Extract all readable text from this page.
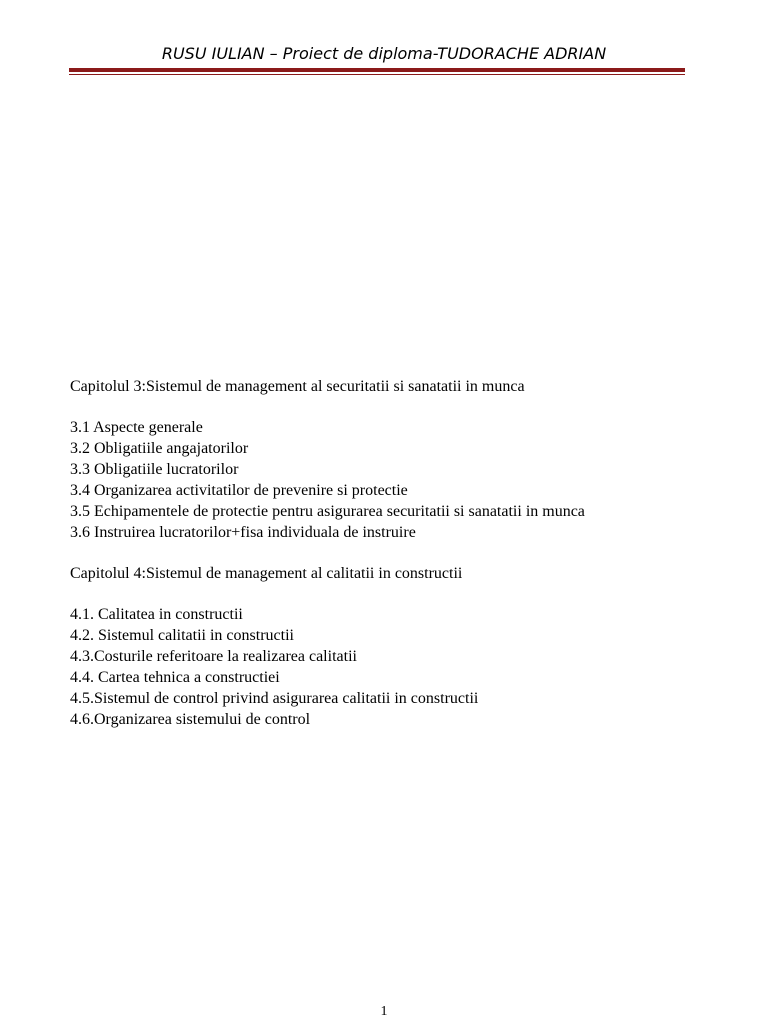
RUSU IULIAN – Proiect de diploma-TUDORACHE ADRIAN
Capitolul 3:Sistemul de management al securitatii si sanatatii in munca
3.1 Aspecte generale
3.2 Obligatiile angajatorilor
3.3 Obligatiile lucratorilor
3.4 Organizarea activitatilor de prevenire si protectie
3.5 Echipamentele de protectie pentru asigurarea securitatii si sanatatii in munca
3.6 Instruirea lucratorilor+fisa individuala de instruire
Capitolul 4:Sistemul de management al calitatii in constructii
4.1. Calitatea in constructii
4.2. Sistemul calitatii in constructii
4.3.Costurile referitoare la realizarea calitatii
4.4. Cartea tehnica a constructiei
4.5.Sistemul de control privind asigurarea calitatii in constructii
4.6.Organizarea sistemului de control
1
